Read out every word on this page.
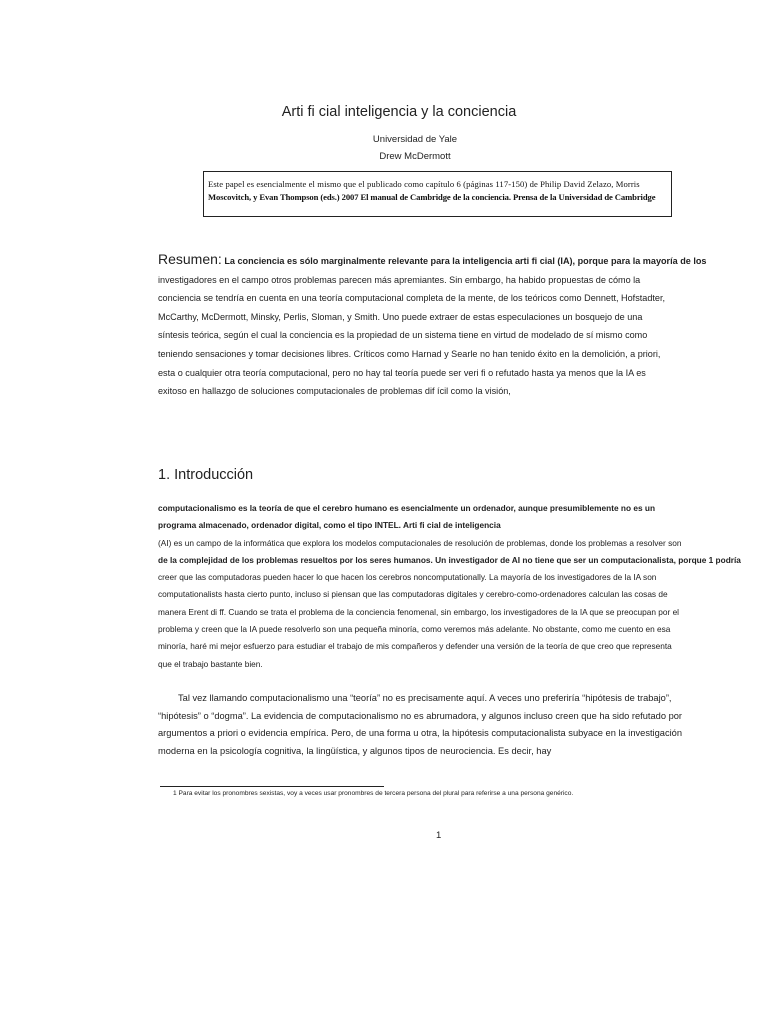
Arti fi cial inteligencia y la conciencia
Universidad de Yale
Drew McDermott
Este papel es esencialmente el mismo que el publicado como capítulo 6 (páginas 117-150) de Philip David Zelazo, Morris
Moscovitch, y Evan Thompson (eds.) 2007 El manual de Cambridge de la conciencia. Prensa de la Universidad de Cambridge
Resumen: La conciencia es sólo marginalmente relevante para la inteligencia arti fi cial (IA), porque para la mayoría de los
investigadores en el campo otros problemas parecen más apremiantes. Sin embargo, ha habido propuestas de cómo la
conciencia se tendría en cuenta en una teoría computacional completa de la mente, de los teóricos como Dennett, Hofstadter,
McCarthy, McDermott, Minsky, Perlis, Sloman, y Smith. Uno puede extraer de estas especulaciones un bosquejo de una
síntesis teórica, según el cual la conciencia es la propiedad de un sistema tiene en virtud de modelado de sí mismo como
teniendo sensaciones y tomar decisiones libres. Críticos como Harnad y Searle no han tenido éxito en la demolición, a priori,
esta o cualquier otra teoría computacional, pero no hay tal teoría puede ser veri fi o refutado hasta ya menos que la IA es
exitoso en hallazgo de soluciones computacionales de problemas dif ícil como la visión,
1. Introducción
computacionalismo es la teoría de que el cerebro humano es esencialmente un ordenador, aunque presumiblemente no es un
programa almacenado, ordenador digital, como el tipo INTEL. Arti fi cial de inteligencia
(AI) es un campo de la informática que explora los modelos computacionales de resolución de problemas, donde los problemas a resolver son
de la complejidad de los problemas resueltos por los seres humanos. Un investigador de AI no tiene que ser un computacionalista, porque 1 podría
creer que las computadoras pueden hacer lo que hacen los cerebros noncomputationally. La mayoría de los investigadores de la IA son
computationalists hasta cierto punto, incluso si piensan que las computadoras digitales y cerebro-como-ordenadores calculan las cosas de
manera Erent di ff. Cuando se trata el problema de la conciencia fenomenal, sin embargo, los investigadores de la IA que se preocupan por el
problema y creen que la IA puede resolverlo son una pequeña minoría, como veremos más adelante. No obstante, como me cuento en esa
minoría, haré mi mejor esfuerzo para estudiar el trabajo de mis compañeros y defender una versión de la teoría de que creo que representa
que el trabajo bastante bien.
Tal vez llamando computacionalismo una “teoría” no es precisamente aquí. A veces uno preferiría “hipótesis de trabajo”,
“hipótesis” o “dogma”. La evidencia de computacionalismo no es abrumadora, y algunos incluso creen que ha sido refutado por
argumentos a priori o evidencia empírica. Pero, de una forma u otra, la hipótesis computacionalista subyace en la investigación
moderna en la psicología cognitiva, la lingüística, y algunos tipos de neurociencia. Es decir, hay
1 Para evitar los pronombres sexistas, voy a veces usar pronombres de tercera persona del plural para referirse a una persona genérico.
1
